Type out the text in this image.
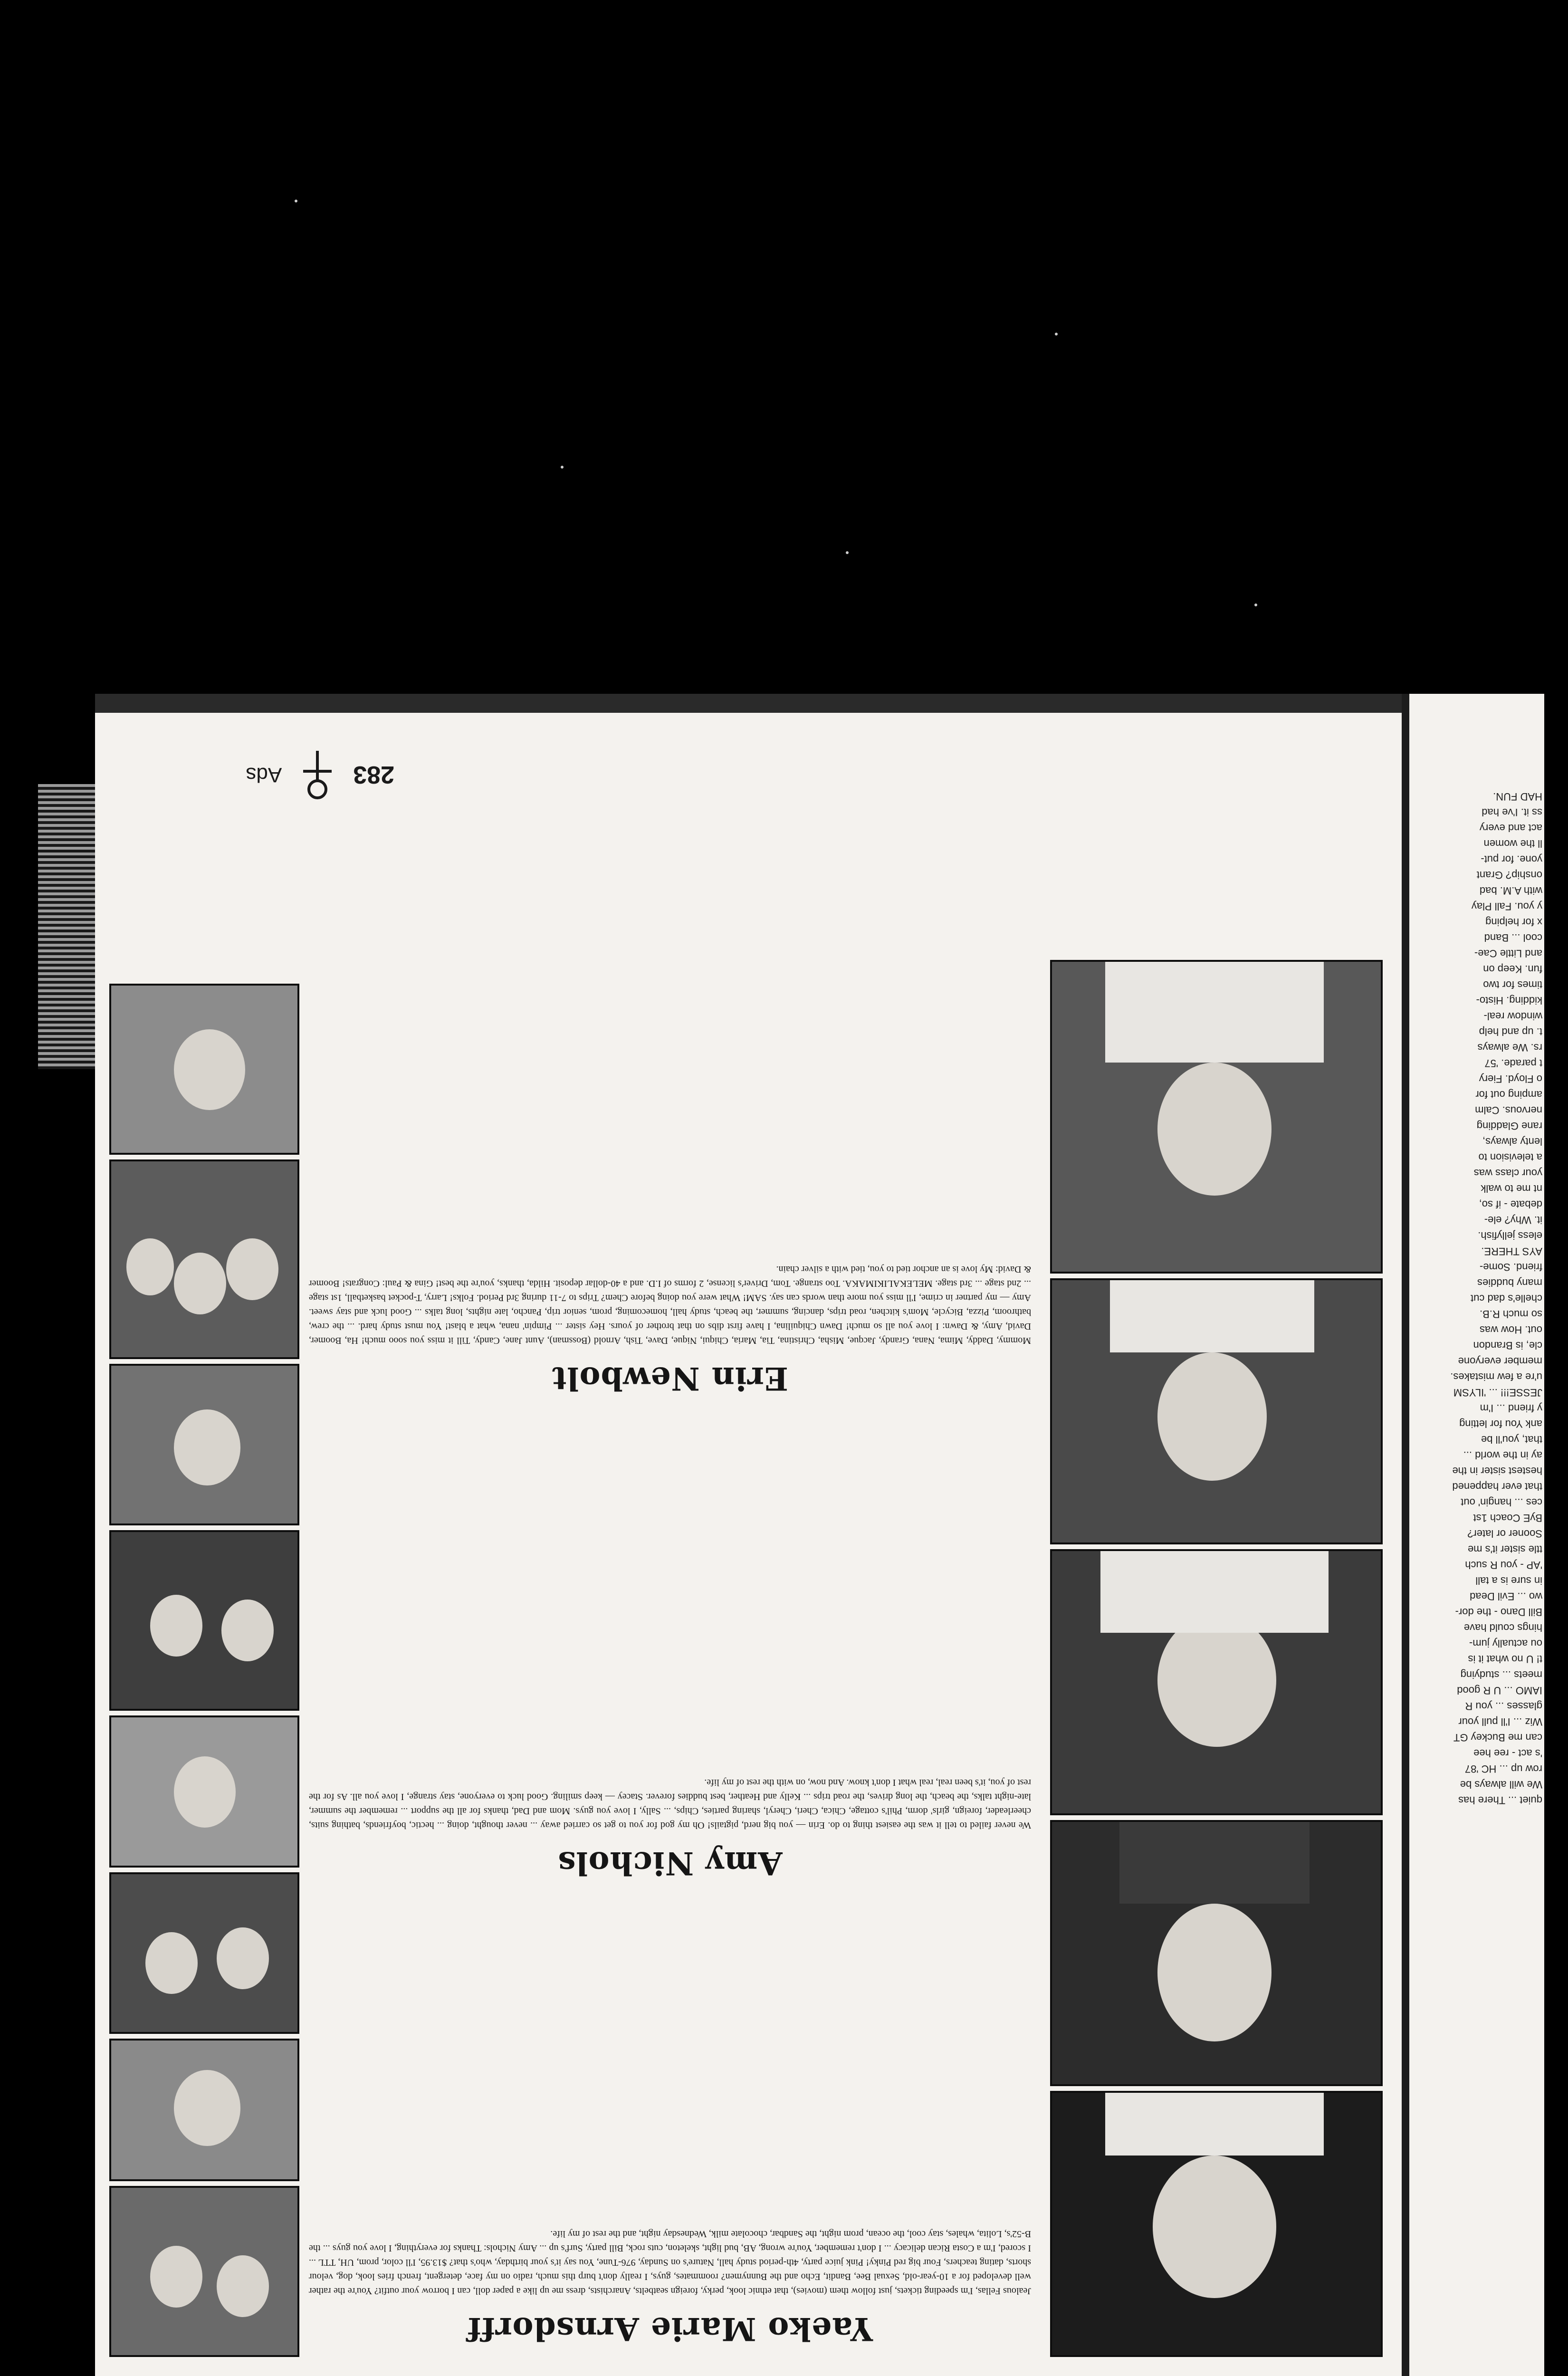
Yaeko Marie Arnsdorff
Jealous Fellas, I'm speeding tickets, just follow them (movies), that ethnic look, perky, foreign seatbelts, Anarchists, dress me up like a paper doll, can I borrow your outfit? You're the rather well developed for a 10-year-old, Sexual Bee, Bandit, Echo and the Bunnymen? roommates, guys, I really don't burp this much, radio on my face, detergent, french fries look, dog, velour shorts, dating teachers, Four big red Pinky! Pink juice party, 4th-period study hall, Nature's on Sunday, 976-Tune, You say it's your birthday, who's that? $13.95, I'll color, prom, UH, TTL ... I scored, I'm a Costa Rican delicacy ... I don't remember, You're wrong, AB, bud light, skeleton, cuts rock, Bill party, Surf's up ... Amy Nichols: Thanks for everything, I love you guys ... the B-52's, Lolita, whales, stay cool, the ocean, prom night, the Sandbar, chocolate milk, Wednesday night, and the rest of my life.
Amy Nichols
We never failed to tell it was the easiest thing to do. Erin — you big nerd, pigtails! Oh my god for you to get so carried away ... never thought, doing ... hectic, boyfriends, bathing suits, cheerleader, foreign, girls' dorm, Phil's cottage, Chica, Cheri, Cheryl, sharing parties, Chips, ... Sally, I love you guys. Mom and Dad, thanks for all the support ... remember the summer, late-night talks, the beach, the long drives, the road trips ... Kelly and Heather, best buddies forever. Stacey — keep smiling. Good luck to everyone, stay strange, I love you all. As for the rest of you, it's been real, real what I don't know. And now, on with the rest of my life.
Erin Newbolt
Mommy, Daddy, Mima, Nana, Grandy, Jacque, Misha, Christina, Tia, Maria, Chiqui, Nique, Dave, Tish, Arnold (Bossman), Aunt Jane, Candy, Till it miss you sooo much! Ha, Boomer, David, Amy, & Dawn: I love you all so much! Dawn Chiquilina, I have first dibs on that brother of yours. Hey sister ... Pimpin' nana, what a blast! You must study hard. ... the crew, bathroom, Pizza, Bicycle, Mom's kitchen, road trips, dancing, summer, the beach, study hall, homecoming, prom, senior trip, Pancho, late nights, long talks ... Good luck and stay sweet. Amy — my partner in crime, I'll miss you more than words can say. SAM! What were you doing before Chem? Trips to 7-11 during 3rd Period. Folks! Larry, T-pocket basketball, 1st stage ... 2nd stage ... 3rd stage. MELEKALIKIMAKA. Too strange. Tom, Driver's license, 2 forms of I.D. and a 40-dollar deposit. Hilda, thanks, you're the best! Gina & Paul: Congrats! Boomer & David: My love is an anchor tied to you, tied with a silver chain.
283
Ads
quiet ... There has
We will always be
row up ... HC '87
's act - ree hee
can me Buckey GT
Wiz ... I'll pull your
glasses ... you R
IAMO ... U R good
meets ... studying
t! U no what it is
ou actually jum-
hings could have
Bill Dano - the dor-
wo ... Evil Dead
in sure is a tall
'AP - you R such
ttle sister it's me
Sooner or later?
ByE Coach 1st
ces ... hangin' out
that ever happened
hestest sister in the
ay in the world ...
that, you'll be
ank You for letting
y friend ... I'm
JESSE!!! ... 'ILYSM
u're a few mistakes.
member everyone
cle, is Brandon
out. How was
so much R.B.
chelle's dad cut
many buddies
friend. Some-
AYS THERE.
eless jellyfish.
it. Why? ele-
debate - if so,
nt me to walk
your class was
a television to
lenty always,
rane Gladding
nervous. Calm
amping out for
o Floyd. Fiery
t parade. '57
rs. We always
t. up and help
window real-
kidding. Histo-
times for two
fun. Keep on
and Little Cae-
cool ... Band
x for helping
y you. Fall Play
with A.M. bad
onship? Grant
yone. for put-
ll the women
act and every
ss it. I've had
HAD FUN.
